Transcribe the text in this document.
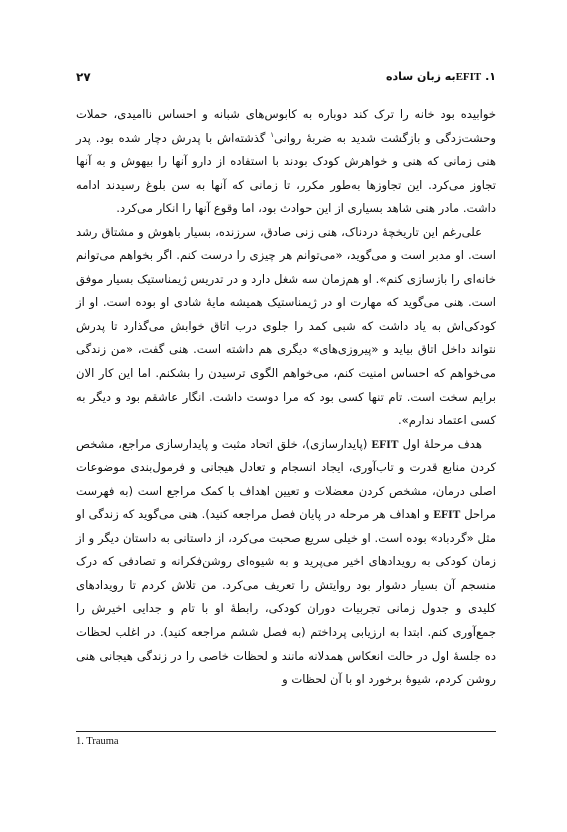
۲۷	۱. EFITبه زبان ساده

خوابیده بود خانه را ترک کند دوباره به کابوس‌های شبانه و احساس ناامیدی، حملات وحشت‌زدگی و بازگشت شدید به ضربهٔ روانی$^۱$ گذشته‌اش با پدرش دچار شده بود. پدر هنی زمانی که هنی و خواهرش کودک بودند با استفاده از دارو آنها را بیهوش و به آنها تجاوز می‌کرد. این تجاوزها به‌طور مکرر، تا زمانی که آنها به سن بلوغ رسیدند ادامه داشت. مادر هنی شاهد بسیاری از این حوادث بود، اما وقوع آنها را انکار می‌کرد.

علی‌رغم این تاریخچهٔ دردناک، هنی زنی صادق، سرزنده، بسیار باهوش و مشتاق رشد است. او مدبر است و می‌گوید، «می‌توانم هر چیزی را درست کنم. اگر بخواهم می‌توانم خانه‌ای را بازسازی کنم». او هم‌زمان سه شغل دارد و در تدریس ژیمناستیک بسیار موفق است. هنی می‌گوید که مهارت او در ژیمناستیک همیشه مایهٔ شادی او بوده است. او از کودکی‌اش به یاد داشت که شبی کمد را جلوی درب اتاق خوابش می‌گذارد تا پدرش نتواند داخل اتاق بیاید و «پیروزی‌های» دیگری هم داشته است. هنی گفت، «من زندگی می‌خواهم که احساس امنیت کنم، می‌خواهم الگوی ترسیدن را بشکنم. اما این کار الان برایم سخت است. تام تنها کسی بود که مرا دوست داشت. انگار عاشقم بود و دیگر به کسی اعتماد ندارم».

هدف مرحلهٔ اول EFIT (پایدارسازی)، خلق اتحاد مثبت و پایدارسازی مراجع، مشخص کردن منابع قدرت و تاب‌آوری، ایجاد انسجام و تعادل هیجانی و فرمول‌بندی موضوعات اصلی درمان، مشخص کردن معضلات و تعیین اهداف با کمک مراجع است (به فهرست مراحل EFIT و اهداف هر مرحله در پایان فصل مراجعه کنید). هنی می‌گوید که زندگی او مثل «گردباد» بوده است. او خیلی سریع صحبت می‌کرد، از داستانی به داستان دیگر و از زمان کودکی به رویدادهای اخیر می‌پرید و به شیوه‌ای روشن‌فکرانه و تصادفی که درک منسجم آن بسیار دشوار بود روایتش را تعریف می‌کرد. من تلاش کردم تا رویدادهای کلیدی و جدول زمانی تجربیات دوران کودکی، رابطهٔ او با تام و جدایی اخیرش را جمع‌آوری کنم. ابتدا به ارزیابی پرداختم (به فصل ششم مراجعه کنید). در اغلب لحظات ده جلسهٔ اول در حالت انعکاس همدلانه مانند و لحظات خاصی را در زندگی هیجانی هنی روشن کردم، شیوهٔ برخورد او با آن لحظات و

1. Trauma
